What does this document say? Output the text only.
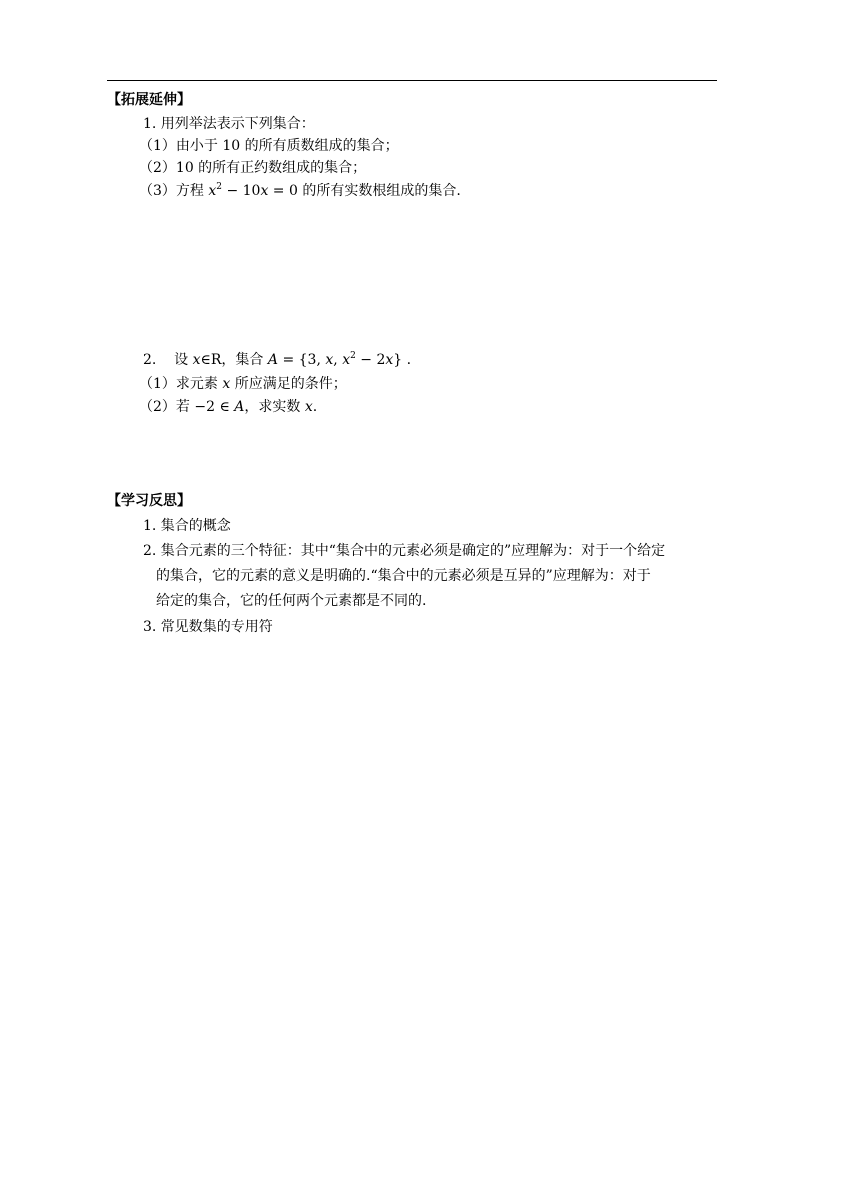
【拓展延伸】
1. 用列举法表示下列集合：
（1）由小于 10 的所有质数组成的集合；
（2）10 的所有正约数组成的集合；
（3）方程 $x^2 - 10x = 0$ 的所有实数根组成的集合.
2. 设 x∈R，集合 A = {3, x, $x^2 - 2x$} .
（1）求元素 x 所应满足的条件；
（2）若 −2 ∈ A，求实数 x.
【学习反思】
1. 集合的概念
2. 集合元素的三个特征：其中“集合中的元素必须是确定的”应理解为：对于一个给定
的集合，它的元素的意义是明确的.“集合中的元素必须是互异的”应理解为：对于
给定的集合，它的任何两个元素都是不同的.
3. 常见数集的专用符
